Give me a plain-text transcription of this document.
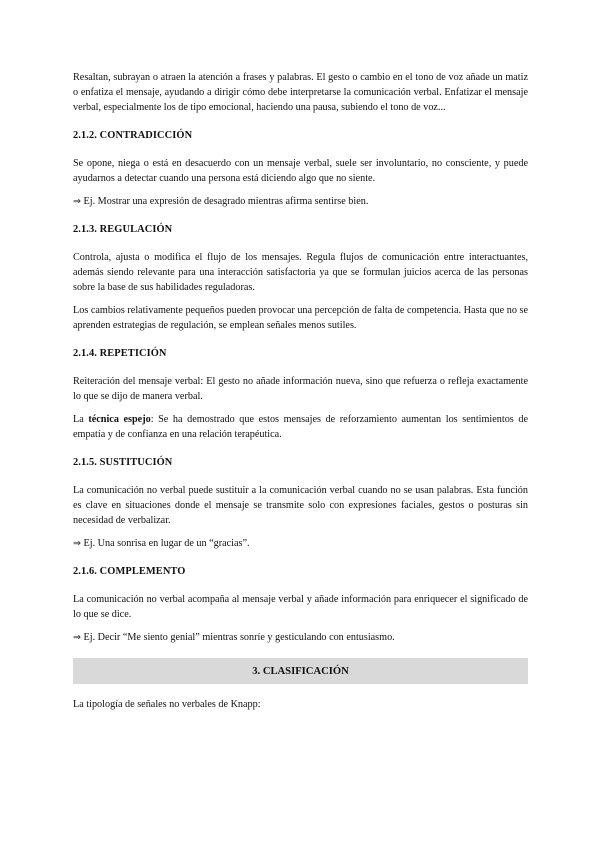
Resaltan, subrayan o atraen la atención a frases y palabras. El gesto o cambio en el tono de voz añade un matiz o enfatiza el mensaje, ayudando a dirigir cómo debe interpretarse la comunicación verbal. Enfatizar el mensaje verbal, especialmente los de tipo emocional, haciendo una pausa, subiendo el tono de voz...

2.1.2. CONTRADICCIÓN

Se opone, niega o está en desacuerdo con un mensaje verbal, suele ser involuntario, no consciente, y puede ayudarnos a detectar cuando una persona está diciendo algo que no siente.

⇒ Ej. Mostrar una expresión de desagrado mientras afirma sentirse bien.

2.1.3. REGULACIÓN

Controla, ajusta o modifica el flujo de los mensajes. Regula flujos de comunicación entre interactuantes, además siendo relevante para una interacción satisfactoria ya que se formulan juicios acerca de las personas sobre la base de sus habilidades reguladoras.

Los cambios relativamente pequeños pueden provocar una percepción de falta de competencia. Hasta que no se aprenden estrategias de regulación, se emplean señales menos sutiles.

2.1.4. REPETICIÓN

Reiteración del mensaje verbal: El gesto no añade información nueva, sino que refuerza o refleja exactamente lo que se dijo de manera verbal.

La técnica espejo: Se ha demostrado que estos mensajes de reforzamiento aumentan los sentimientos de empatía y de confianza en una relación terapéutica.

2.1.5. SUSTITUCIÓN

La comunicación no verbal puede sustituir a la comunicación verbal cuando no se usan palabras. Esta función es clave en situaciones donde el mensaje se transmite solo con expresiones faciales, gestos o posturas sin necesidad de verbalizar.

⇒ Ej. Una sonrisa en lugar de un “gracias”.

2.1.6. COMPLEMENTO

La comunicación no verbal acompaña al mensaje verbal y añade información para enriquecer el significado de lo que se dice.

⇒ Ej. Decir “Me siento genial” mientras sonríe y gesticulando con entusiasmo.

3. CLASIFICACIÓN

La tipología de señales no verbales de Knapp:
